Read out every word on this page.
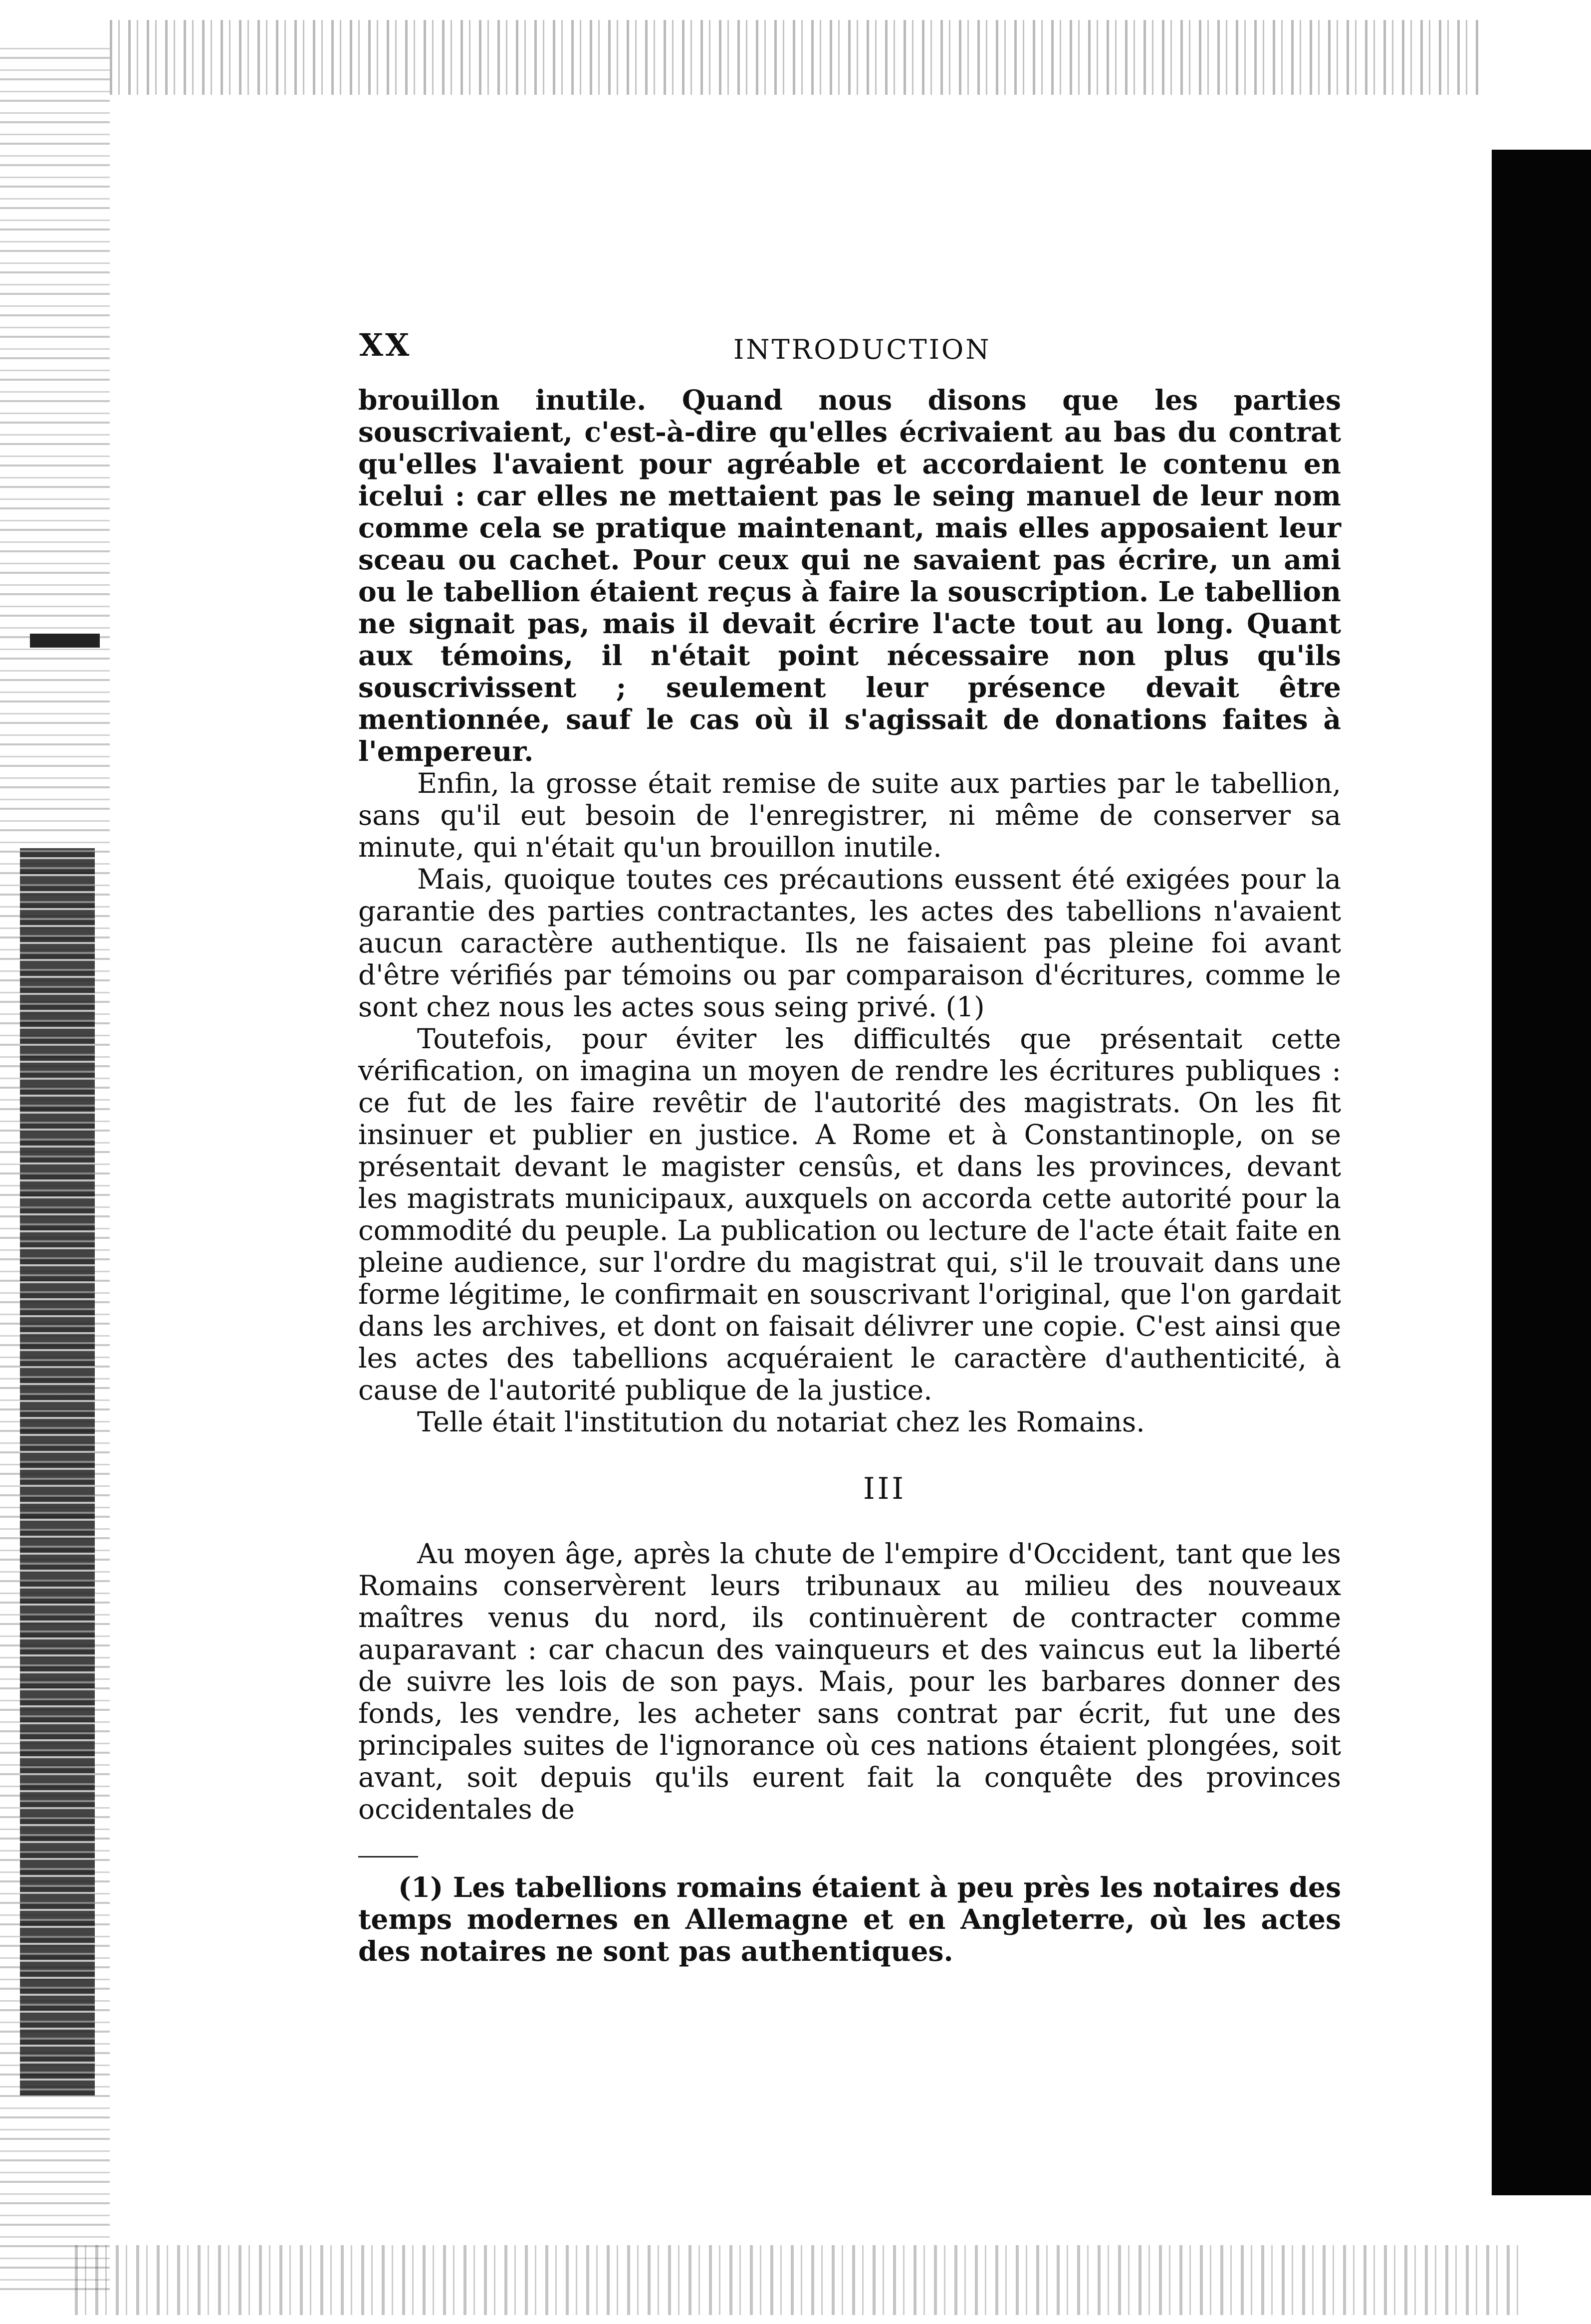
XX	INTRODUCTION

brouillon inutile. Quand nous disons que les parties souscrivaient, c'est-à-dire qu'elles écrivaient au bas du contrat qu'elles l'avaient pour agréable et accordaient le contenu en icelui : car elles ne mettaient pas le seing manuel de leur nom comme cela se pratique maintenant, mais elles apposaient leur sceau ou cachet. Pour ceux qui ne savaient pas écrire, un ami ou le tabellion étaient reçus à faire la souscription. Le tabellion ne signait pas, mais il devait écrire l'acte tout au long. Quant aux témoins, il n'était point nécessaire non plus qu'ils souscrivissent ; seulement leur présence devait être mentionnée, sauf le cas où il s'agissait de donations faites à l'empereur.

Enfin, la grosse était remise de suite aux parties par le tabellion, sans qu'il eut besoin de l'enregistrer, ni même de conserver sa minute, qui n'était qu'un brouillon inutile.

Mais, quoique toutes ces précautions eussent été exigées pour la garantie des parties contractantes, les actes des tabellions n'avaient aucun caractère authentique. Ils ne faisaient pas pleine foi avant d'être vérifiés par témoins ou par comparaison d'écritures, comme le sont chez nous les actes sous seing privé. (1)

Toutefois, pour éviter les difficultés que présentait cette vérification, on imagina un moyen de rendre les écritures publiques : ce fut de les faire revêtir de l'autorité des magistrats. On les fit insinuer et publier en justice. A Rome et à Constantinople, on se présentait devant le magister censûs, et dans les provinces, devant les magistrats municipaux, auxquels on accorda cette autorité pour la commodité du peuple. La publication ou lecture de l'acte était faite en pleine audience, sur l'ordre du magistrat qui, s'il le trouvait dans une forme légitime, le confirmait en souscrivant l'original, que l'on gardait dans les archives, et dont on faisait délivrer une copie. C'est ainsi que les actes des tabellions acquéraient le caractère d'authenticité, à cause de l'autorité publique de la justice.

Telle était l'institution du notariat chez les Romains.

III

Au moyen âge, après la chute de l'empire d'Occident, tant que les Romains conservèrent leurs tribunaux au milieu des nouveaux maîtres venus du nord, ils continuèrent de contracter comme auparavant : car chacun des vainqueurs et des vaincus eut la liberté de suivre les lois de son pays. Mais, pour les barbares donner des fonds, les vendre, les acheter sans contrat par écrit, fut une des principales suites de l'ignorance où ces nations étaient plongées, soit avant, soit depuis qu'ils eurent fait la conquête des provinces occidentales de

(1) Les tabellions romains étaient à peu près les notaires des temps modernes en Allemagne et en Angleterre, où les actes des notaires ne sont pas authentiques.
